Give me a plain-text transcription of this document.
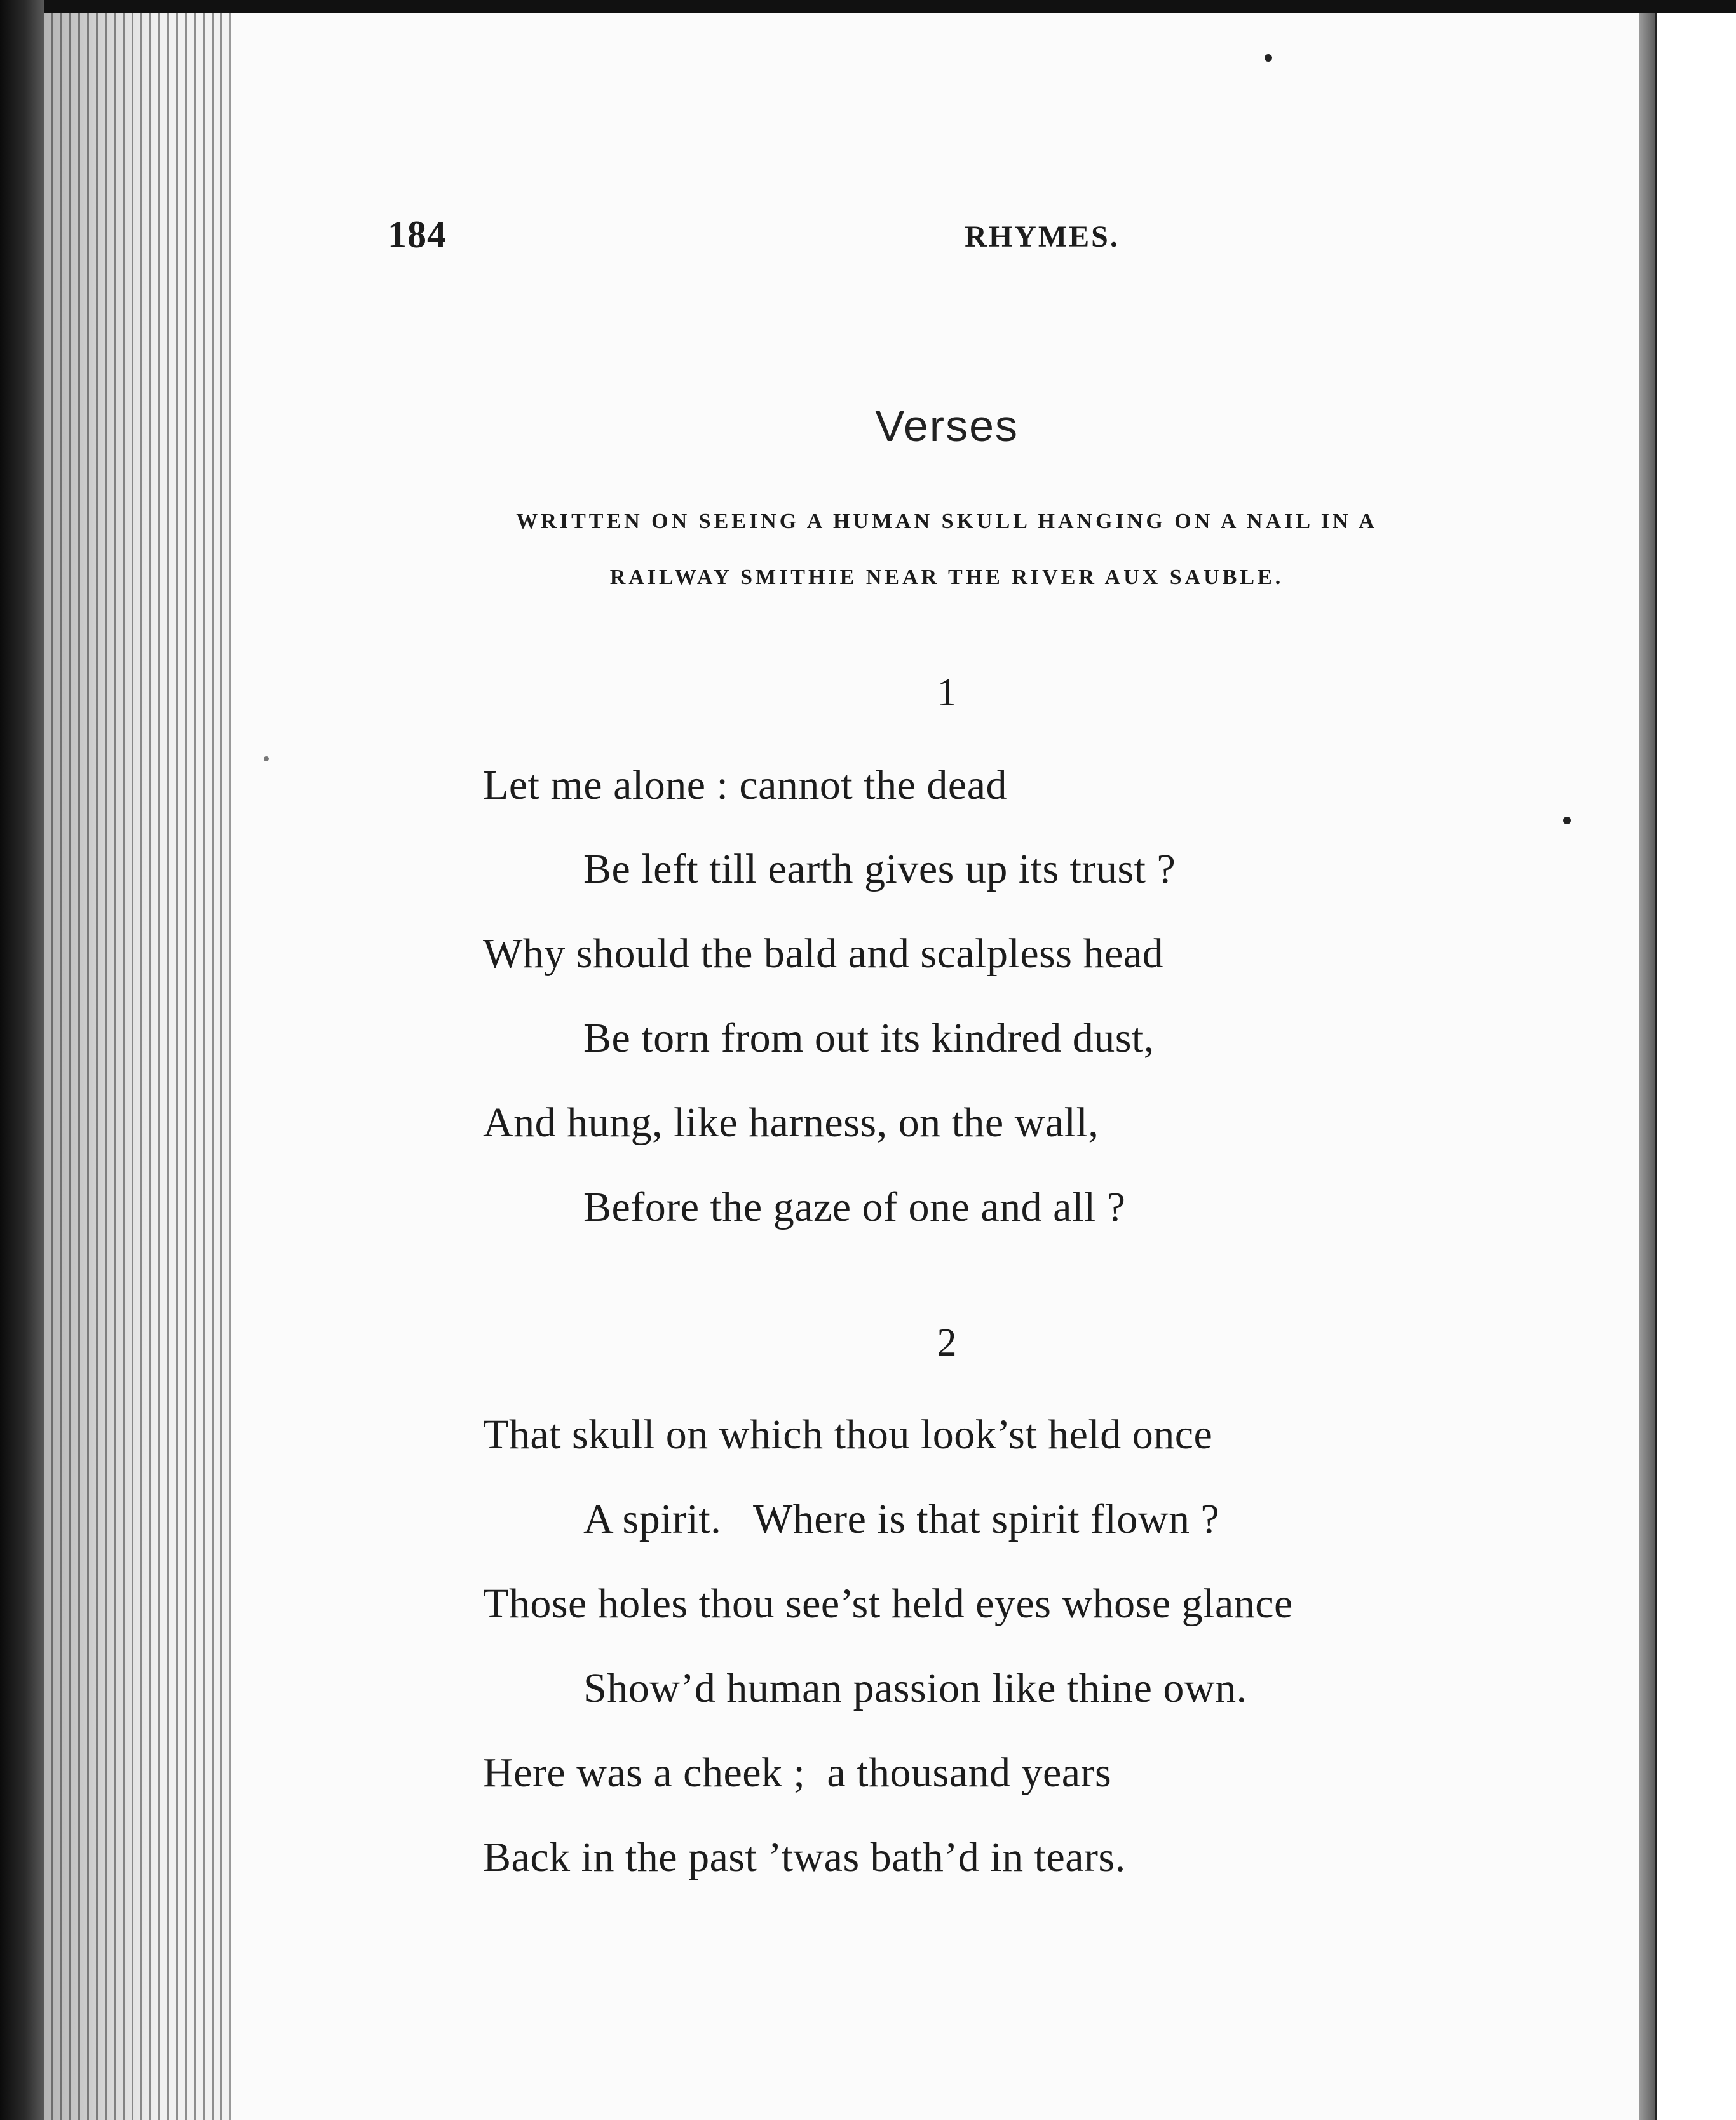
184	RHYMES.
Verses
WRITTEN ON SEEING A HUMAN SKULL HANGING ON A NAIL IN A
RAILWAY SMITHIE NEAR THE RIVER AUX SAUBLE.
1
Let me alone : cannot the dead
Be left till earth gives up its trust ?
Why should the bald and scalpless head
Be torn from out its kindred dust,
And hung, like harness, on the wall,
Before the gaze of one and all ?
2
That skull on which thou look’st held once
A spirit.   Where is that spirit flown ?
Those holes thou see’st held eyes whose glance
Show’d human passion like thine own.
Here was a cheek ;  a thousand years
Back in the past ’twas bath’d in tears.
